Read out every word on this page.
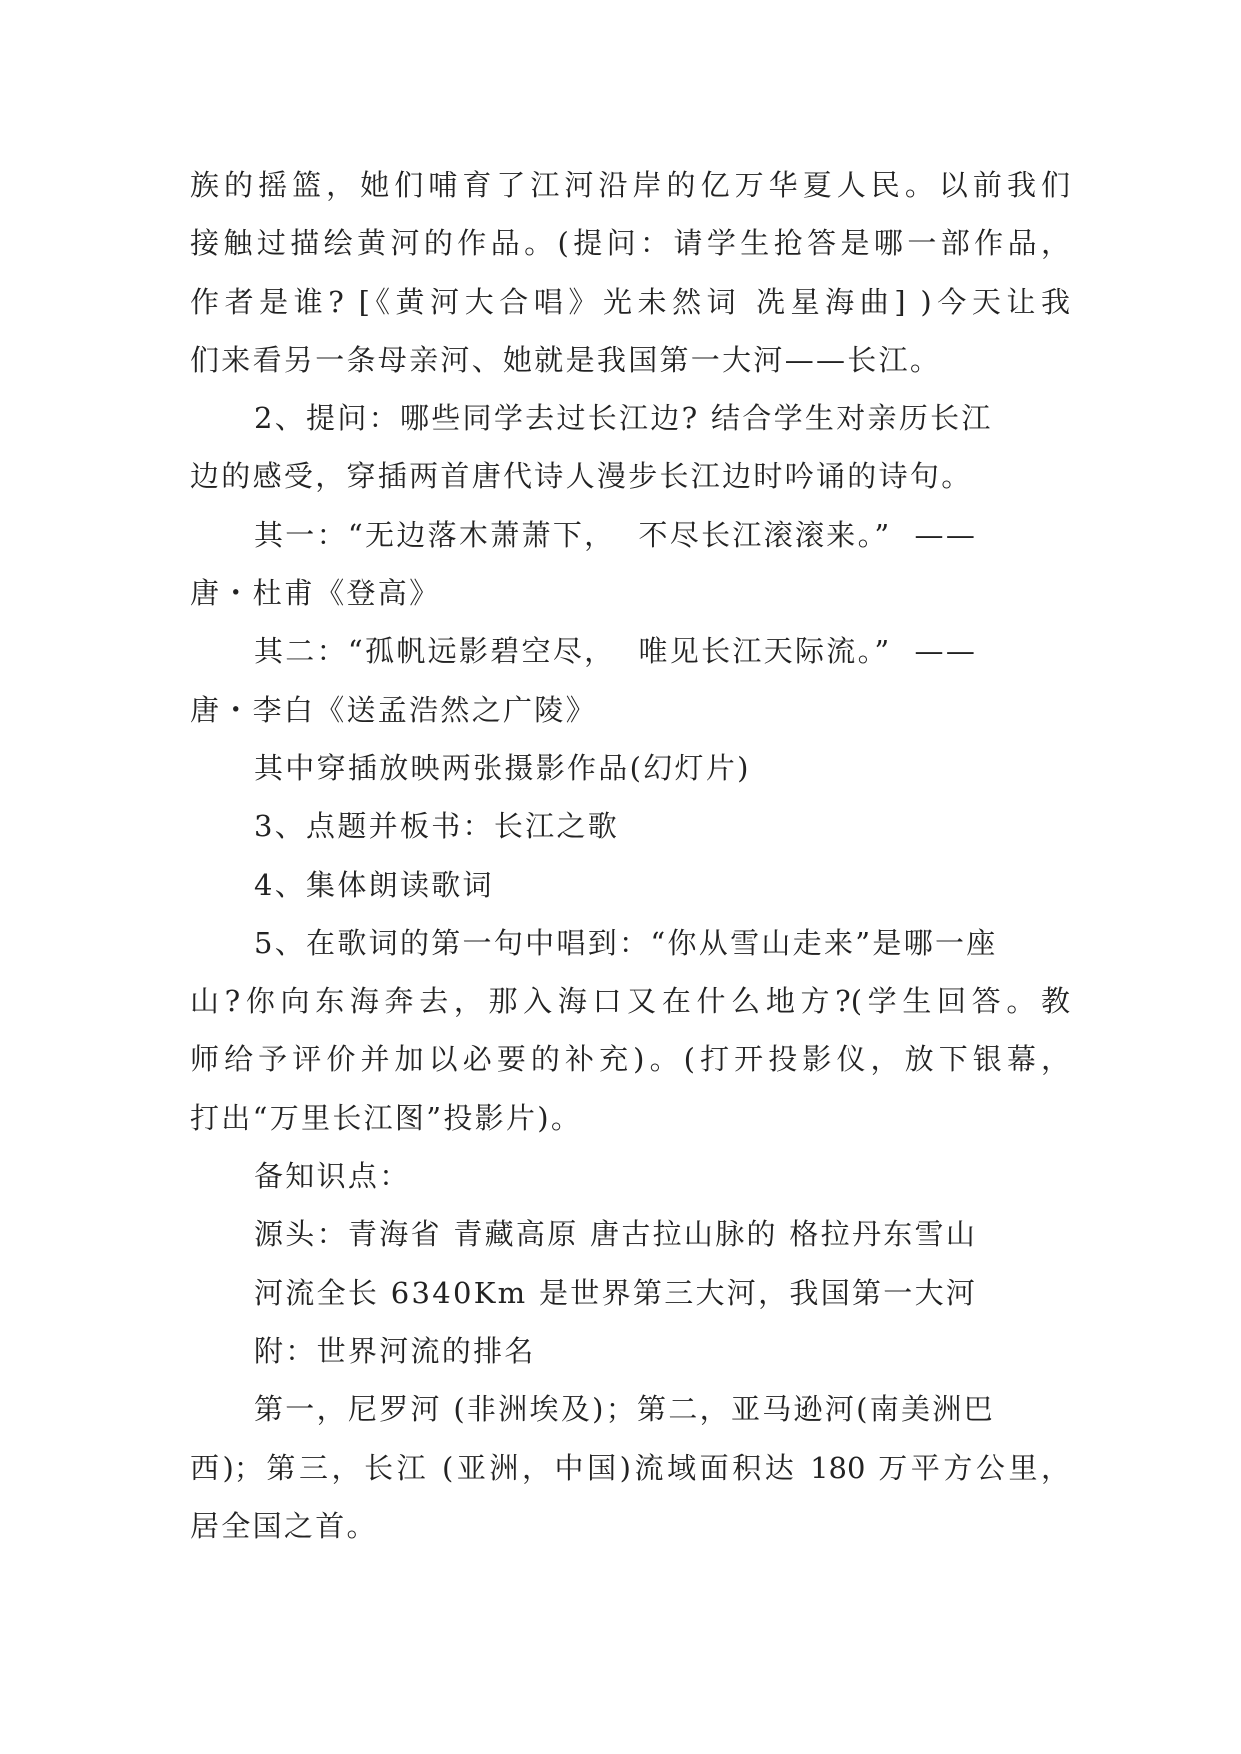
族的摇篮，她们哺育了江河沿岸的亿万华夏人民。以前我们
接触过描绘黄河的作品。(提问：请学生抢答是哪一部作品，
作者是谁? [《黄河大合唱》光未然词 冼星海曲] )今天让我
们来看另一条母亲河、她就是我国第一大河——长江。
2、提问：哪些同学去过长江边? 结合学生对亲历长江
边的感受，穿插两首唐代诗人漫步长江边时吟诵的诗句。
其一：“无边落木萧萧下，  不尽长江滚滚来。”  ——
唐・杜甫《登高》
其二：“孤帆远影碧空尽，  唯见长江天际流。”  ——
唐・李白《送孟浩然之广陵》
其中穿插放映两张摄影作品(幻灯片)
3、点题并板书：长江之歌
4、集体朗读歌词
5、在歌词的第一句中唱到：“你从雪山走来”是哪一座
山?你向东海奔去，那入海口又在什么地方?(学生回答。教
师给予评价并加以必要的补充)。(打开投影仪，放下银幕，
打出“万里长江图”投影片)。
备知识点：
源头：青海省 青藏高原 唐古拉山脉的 格拉丹东雪山
河流全长 6340Km 是世界第三大河，我国第一大河
附：世界河流的排名
第一，尼罗河 (非洲埃及)；第二，亚马逊河(南美洲巴
西)；第三，长江 (亚洲，中国)流域面积达 180 万平方公里，
居全国之首。
